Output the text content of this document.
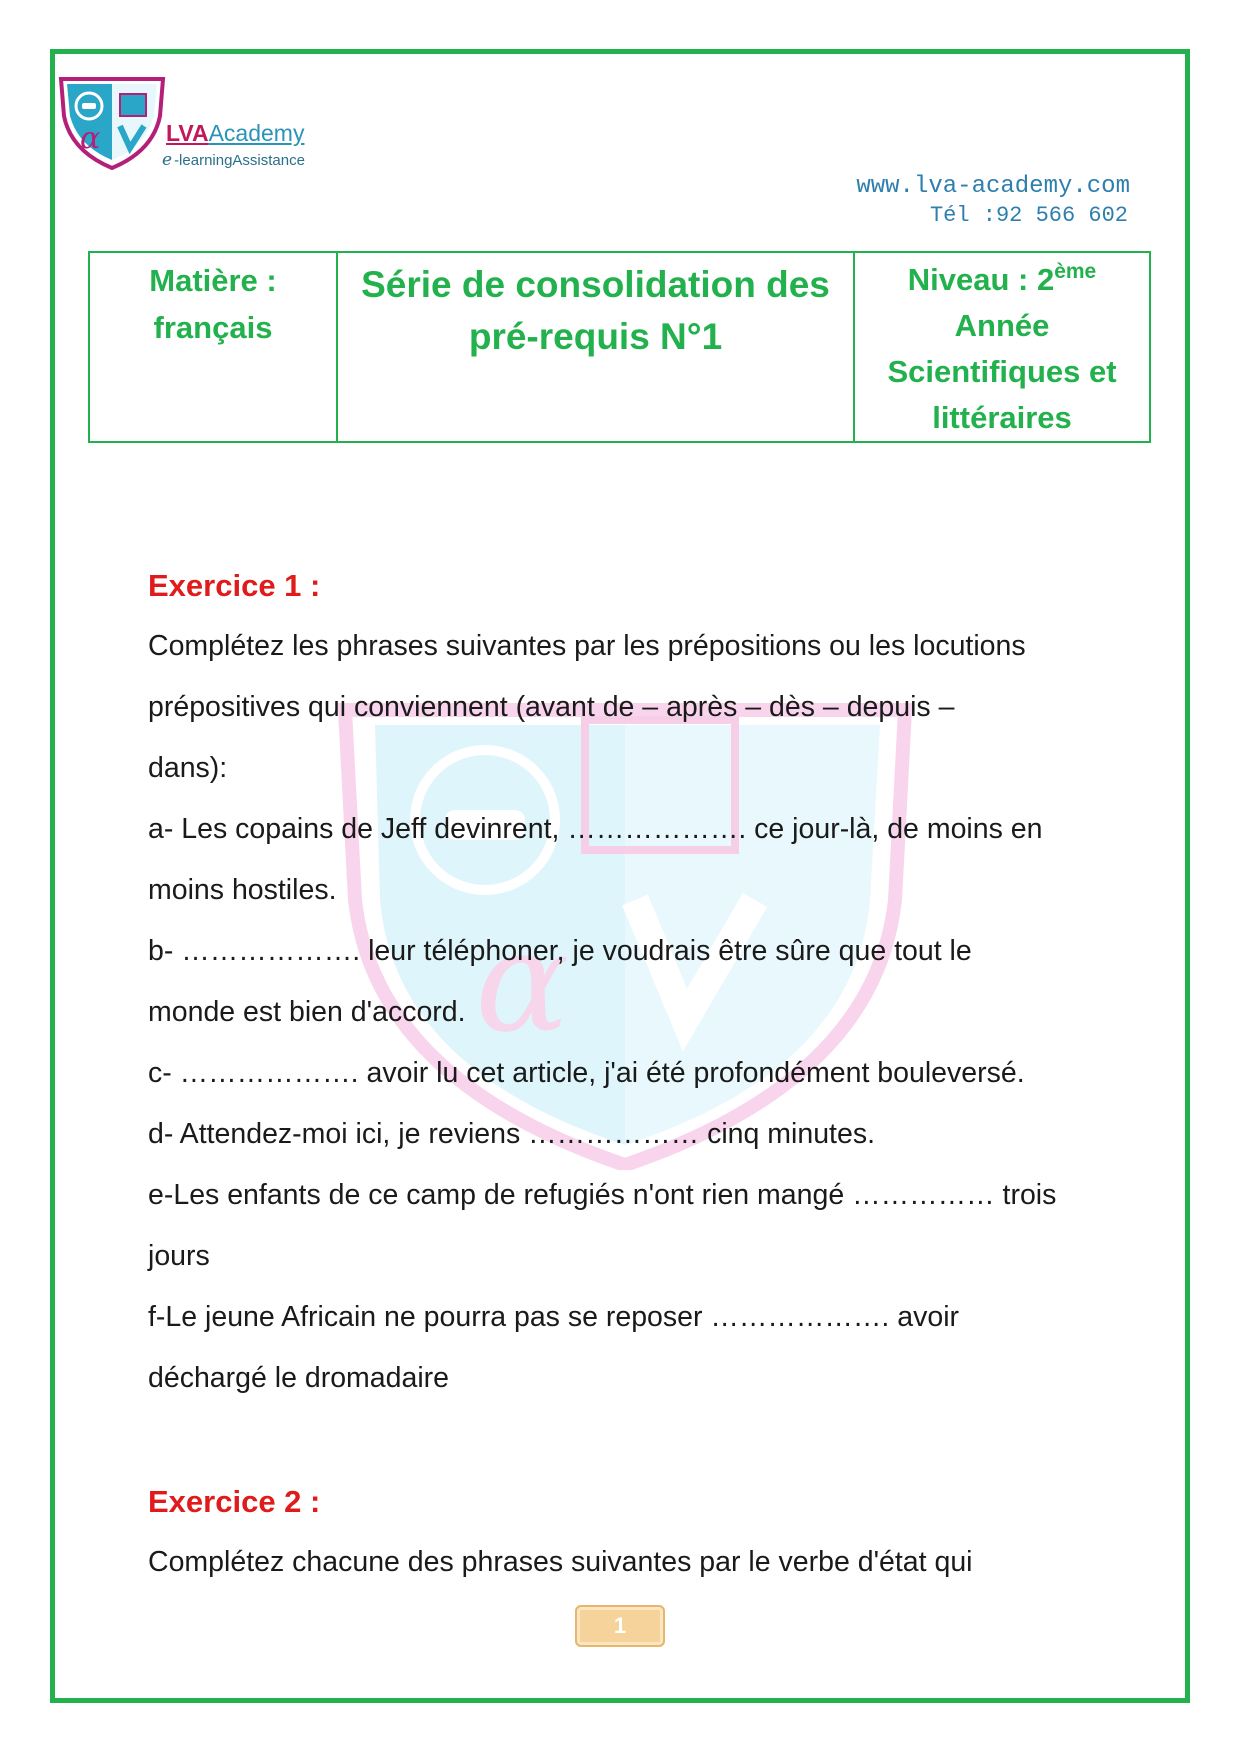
α
α	LVAAcademy
e -learningAssistance
www.lva-academy.com
Tél :92 566 602
Matière :
français

Série de consolidation des
pré-requis N°1

Niveau : 2ème
Année
Scientifiques et
littéraires

Exercice 1 :

Complétez les phrases suivantes par les prépositions ou les locutions

prépositives qui conviennent (avant de – après – dès – depuis –

dans):

a- Les copains de Jeff devinrent, ………………. ce jour-là, de moins en

moins hostiles.

b- ………………. leur téléphoner, je voudrais être sûre que tout le

monde est bien d'accord.

c- ………………. avoir lu cet article, j'ai été profondément bouleversé.

d- Attendez-moi ici, je reviens ……………… cinq minutes.

e-Les enfants de ce camp de refugiés n'ont rien mangé …………… trois

jours

f-Le jeune Africain ne pourra pas se reposer ………………. avoir

déchargé le dromadaire

Exercice 2 :

Complétez chacune des phrases suivantes par le verbe d'état qui

1
